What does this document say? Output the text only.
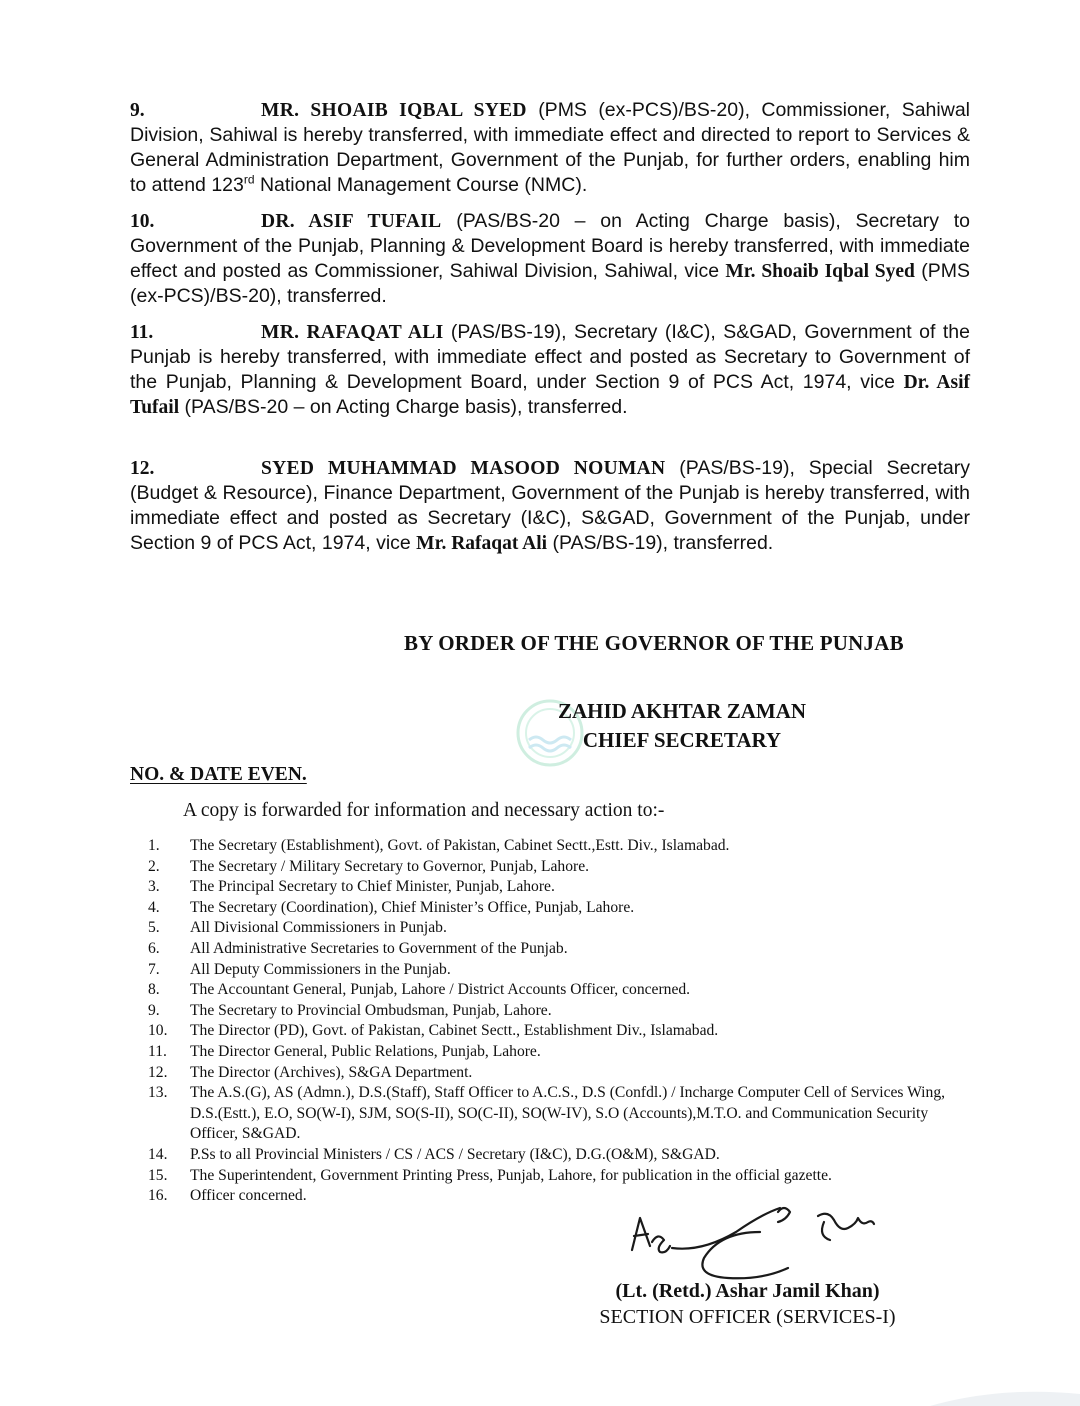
9.	MR. SHOAIB IQBAL SYED (PMS (ex-PCS)/BS-20), Commissioner, Sahiwal Division, Sahiwal is hereby transferred, with immediate effect and directed to report to Services & General Administration Department, Government of the Punjab, for further orders, enabling him to attend 123rd National Management Course (NMC).

10.	DR. ASIF TUFAIL (PAS/BS-20 – on Acting Charge basis), Secretary to Government of the Punjab, Planning & Development Board is hereby transferred, with immediate effect and posted as Commissioner, Sahiwal Division, Sahiwal, vice Mr. Shoaib Iqbal Syed (PMS (ex-PCS)/BS-20), transferred.

11.	MR. RAFAQAT ALI (PAS/BS-19), Secretary (I&C), S&GAD, Government of the Punjab is hereby transferred, with immediate effect and posted as Secretary to Government of the Punjab, Planning & Development Board, under Section 9 of PCS Act, 1974, vice Dr. Asif Tufail (PAS/BS-20 – on Acting Charge basis), transferred.

12.	SYED MUHAMMAD MASOOD NOUMAN (PAS/BS-19), Special Secretary (Budget & Resource), Finance Department, Government of the Punjab is hereby transferred, with immediate effect and posted as Secretary (I&C), S&GAD, Government of the Punjab, under Section 9 of PCS Act, 1974, vice Mr. Rafaqat Ali (PAS/BS-19), transferred.

BY ORDER OF THE GOVERNOR OF THE PUNJAB

ZAHID AKHTAR ZAMAN
CHIEF SECRETARY

NO. & DATE EVEN.

A copy is forwarded for information and necessary action to:-

1.	The Secretary (Establishment), Govt. of Pakistan, Cabinet Sectt.,Estt. Div., Islamabad.
2.	The Secretary / Military Secretary to Governor, Punjab, Lahore.
3.	The Principal Secretary to Chief Minister, Punjab, Lahore.
4.	The Secretary (Coordination), Chief Minister’s Office, Punjab, Lahore.
5.	All Divisional Commissioners in Punjab.
6.	All Administrative Secretaries to Government of the Punjab.
7.	All Deputy Commissioners in the Punjab.
8.	The Accountant General, Punjab, Lahore / District Accounts Officer, concerned.
9.	The Secretary to Provincial Ombudsman, Punjab, Lahore.
10.	The Director (PD), Govt. of Pakistan, Cabinet Sectt., Establishment Div., Islamabad.
11.	The Director General, Public Relations, Punjab, Lahore.
12.	The Director (Archives), S&GA Department.
13.	The A.S.(G), AS (Admn.), D.S.(Staff), Staff Officer to A.C.S., D.S (Confdl.) / Incharge Computer Cell of Services Wing, D.S.(Estt.), E.O, SO(W-I), SJM, SO(S-II), SO(C-II), SO(W-IV), S.O (Accounts),M.T.O. and Communication Security Officer, S&GAD.
14.	P.Ss to all Provincial Ministers / CS / ACS / Secretary (I&C), D.G.(O&M), S&GAD.
15.	The Superintendent, Government Printing Press, Punjab, Lahore, for publication in the official gazette.
16.	Officer concerned.
(Lt. (Retd.) Ashar Jamil Khan)
SECTION OFFICER (SERVICES-I)
